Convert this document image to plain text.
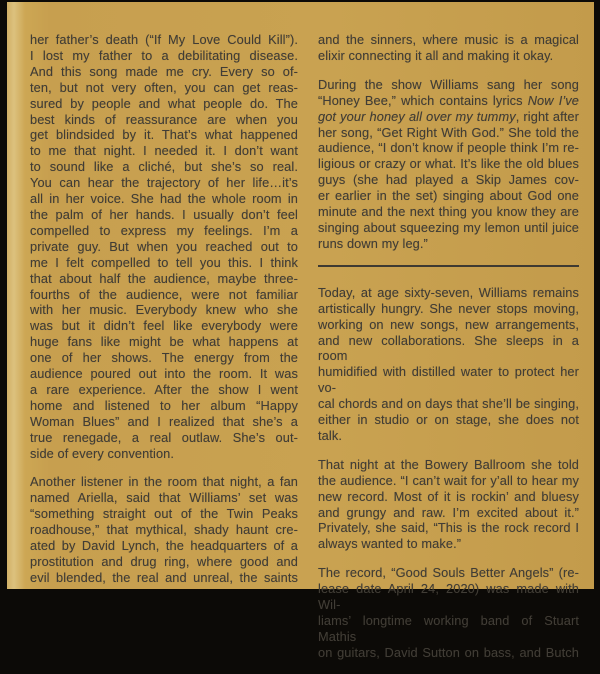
her father’s death (“If My Love Could Kill”).
I lost my father to a debilitating disease.
And this song made me cry. Every so of-
ten, but not very often, you can get reas-
sured by people and what people do. The
best kinds of reassurance are when you
get blindsided by it. That’s what happened
to me that night. I needed it. I don’t want
to sound like a cliché, but she’s so real.
You can hear the trajectory of her life…it’s
all in her voice. She had the whole room in
the palm of her hands. I usually don’t feel
compelled to express my feelings. I’m a
private guy. But when you reached out to
me I felt compelled to tell you this. I think
that about half the audience, maybe three-
fourths of the audience, were not familiar
with her music. Everybody knew who she
was but it didn’t feel like everybody were
huge fans like might be what happens at
one of her shows. The energy from the
audience poured out into the room. It was
a rare experience. After the show I went
home and listened to her album “Happy
Woman Blues” and I realized that she’s a
true renegade, a real outlaw. She’s out-
side of every convention.
Another listener in the room that night, a fan
named Ariella, said that Williams’ set was
“something straight out of the Twin Peaks
roadhouse,” that mythical, shady haunt cre-
ated by David Lynch, the headquarters of a
prostitution and drug ring, where good and
evil blended, the real and unreal, the saints
and the sinners, where music is a magical
elixir connecting it all and making it okay.
During the show Williams sang her song
“Honey Bee,” which contains lyrics Now I’ve
got your honey all over my tummy, right after
her song, “Get Right With God.” She told the
audience, “I don’t know if people think I’m re-
ligious or crazy or what. It’s like the old blues
guys (she had played a Skip James cov-
er earlier in the set) singing about God one
minute and the next thing you know they are
singing about squeezing my lemon until juice
runs down my leg.”
Today, at age sixty-seven, Williams remains
artistically hungry. She never stops moving,
working on new songs, new arrangements,
and new collaborations. She sleeps in a room
humidified with distilled water to protect her vo-
cal chords and on days that she’ll be singing,
either in studio or on stage, she does not talk.
That night at the Bowery Ballroom she told
the audience. “I can’t wait for y’all to hear my
new record. Most of it is rockin’ and bluesy
and grungy and raw. I’m excited about it.”
Privately, she said, “This is the rock record I
always wanted to make.”
The record, “Good Souls Better Angels” (re-
lease date April 24, 2020) was made with Wil-
liams’ longtime working band of Stuart Mathis
on guitars, David Sutton on bass, and Butch
